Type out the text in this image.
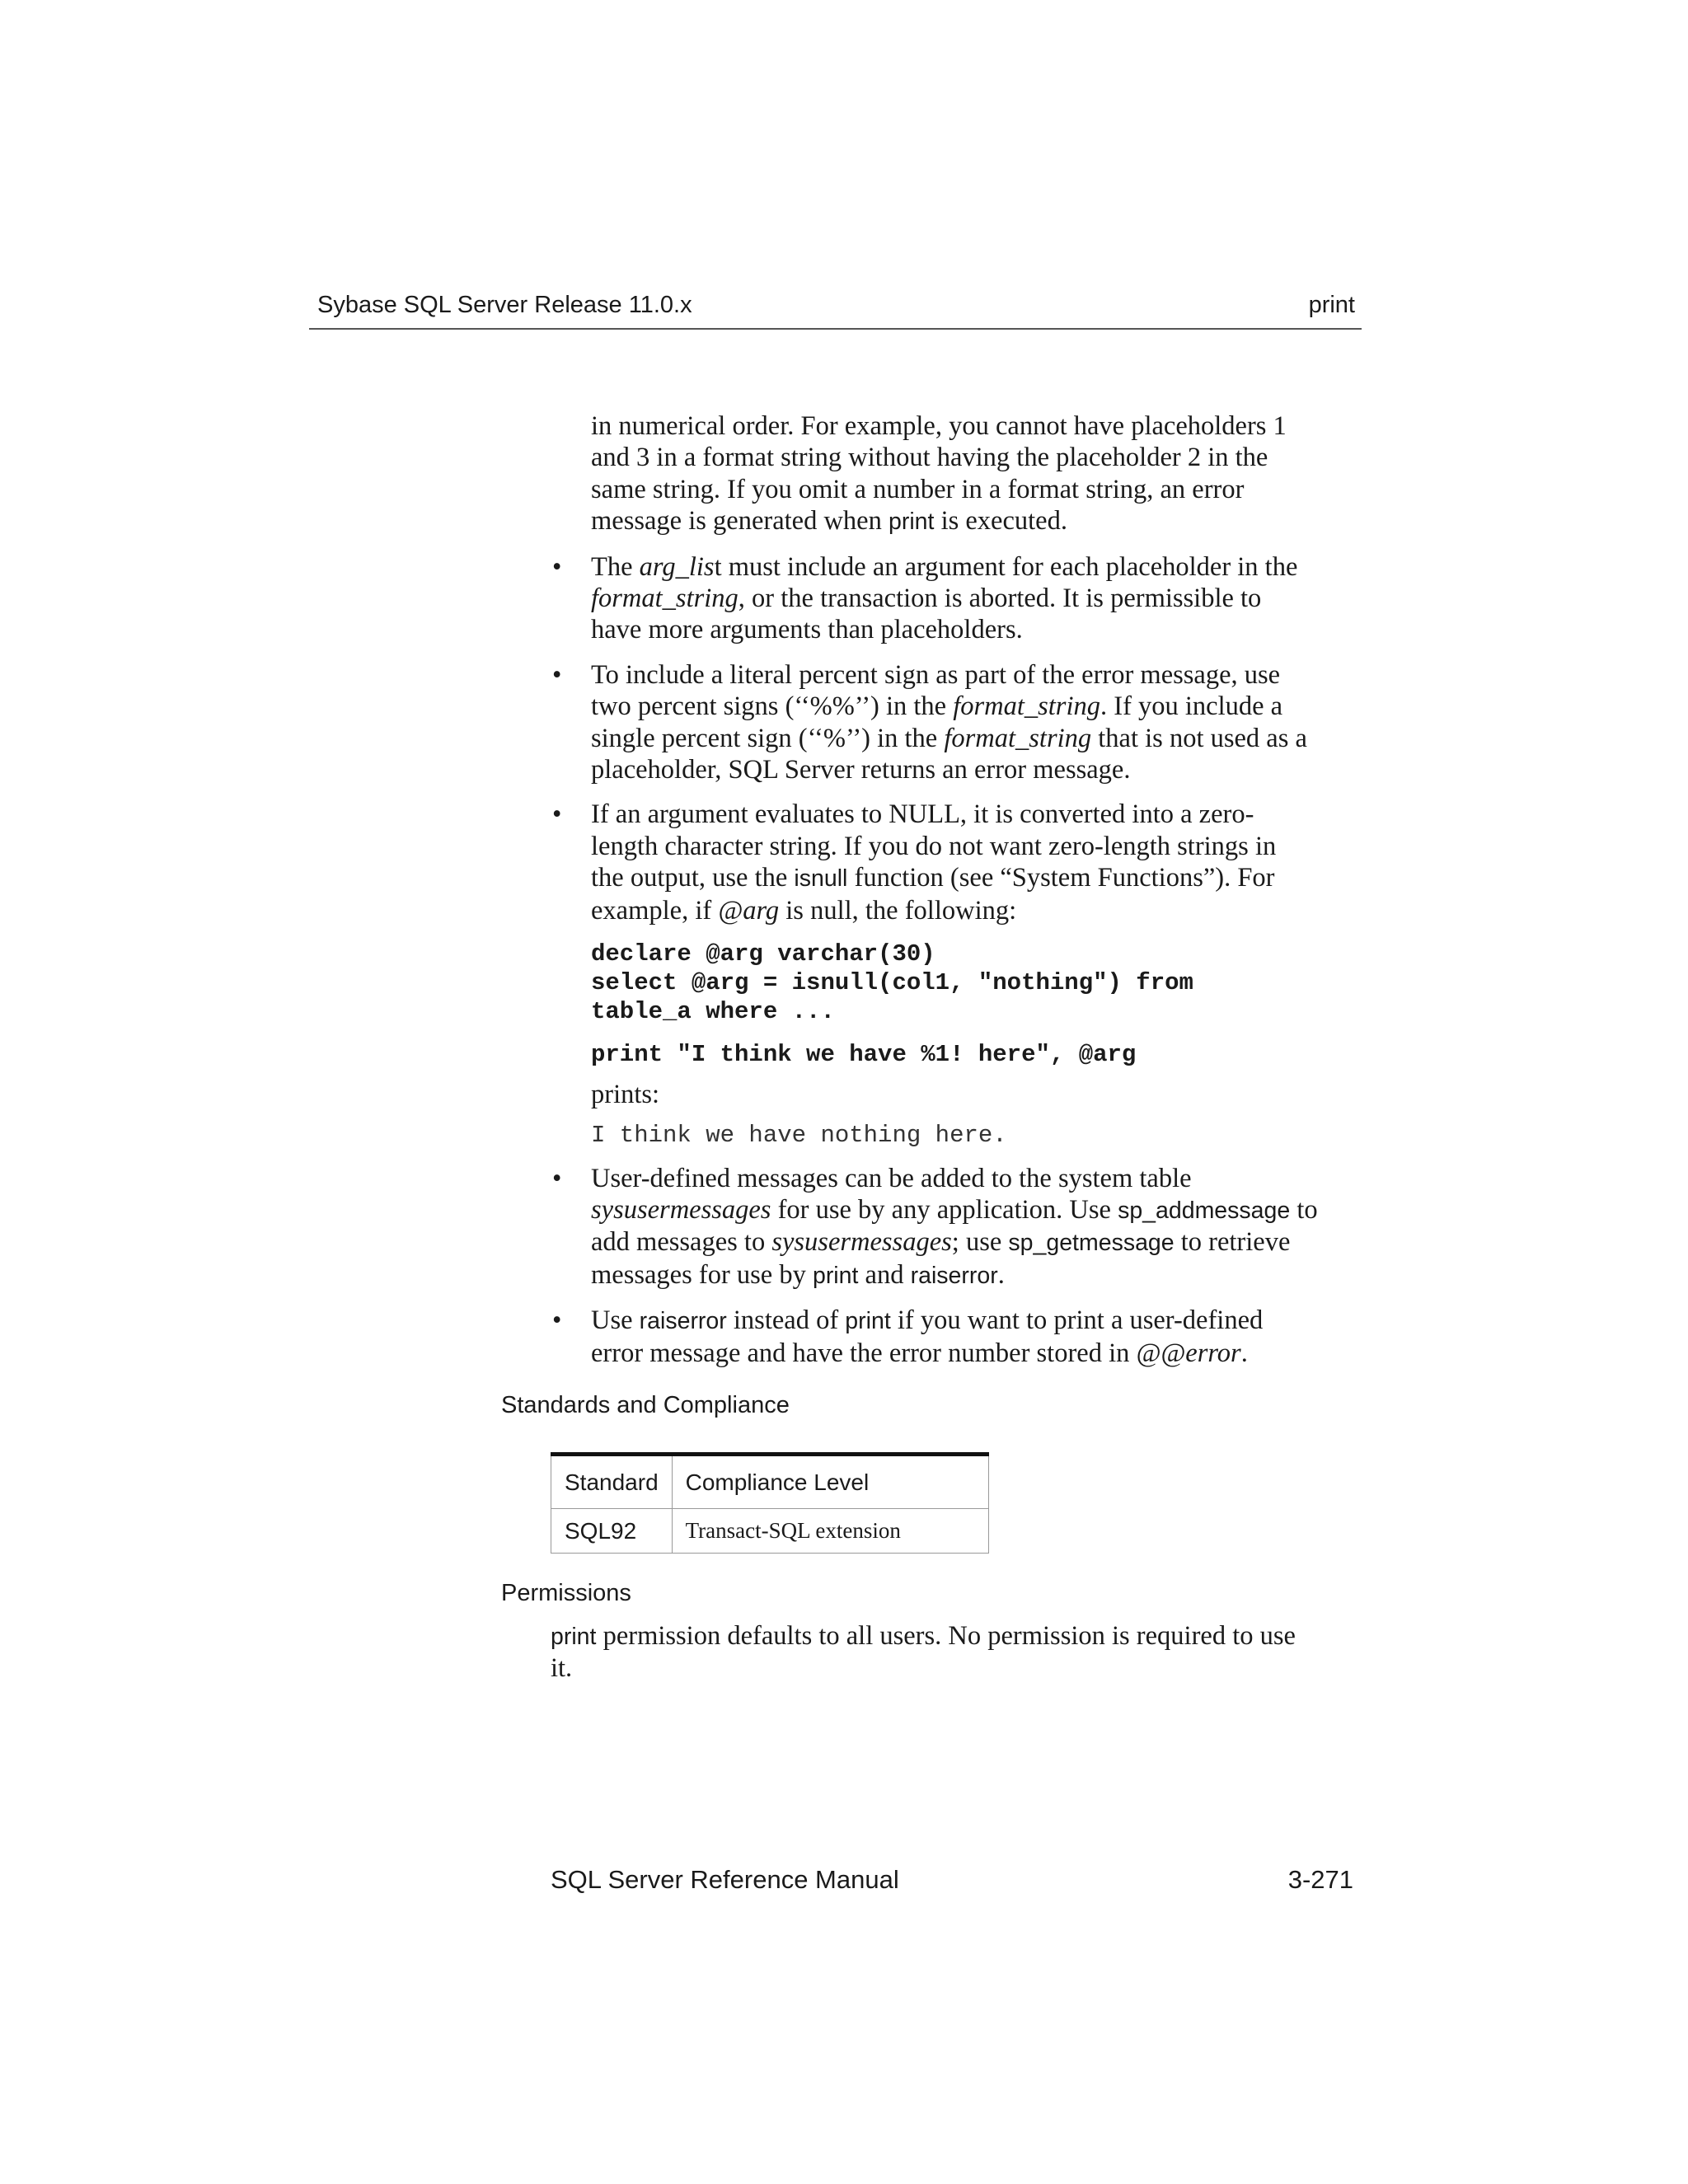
Sybase SQL Server Release 11.0.x	print

in numerical order. For example, you cannot have placeholders 1
and 3 in a format string without having the placeholder 2 in the
same string. If you omit a number in a format string, an error
message is generated when print is executed.

• The arg_list must include an argument for each placeholder in the
format_string, or the transaction is aborted. It is permissible to
have more arguments than placeholders.
• To include a literal percent sign as part of the error message, use
two percent signs (‘‘%%’’) in the format_string. If you include a
single percent sign (‘‘%’’) in the format_string that is not used as a
placeholder, SQL Server returns an error message.
• If an argument evaluates to NULL, it is converted into a zero-
length character string. If you do not want zero-length strings in
the output, use the isnull function (see “System Functions”). For
example, if @arg is null, the following:
declare @arg varchar(30)
select @arg = isnull(col1, "nothing") from
table_a where ...
print "I think we have %1! here", @arg

prints:

I think we have nothing here.
• User-defined messages can be added to the system table
sysusermessages for use by any application. Use sp_addmessage to
add messages to sysusermessages; use sp_getmessage to retrieve
messages for use by print and raiserror.
• Use raiserror instead of print if you want to print a user-defined
error message and have the error number stored in @@error.
Standards and Compliance
Standard	Compliance Level
SQL92	Transact-SQL extension
Permissions

print permission defaults to all users. No permission is required to use
it.

SQL Server Reference Manual	3-271
